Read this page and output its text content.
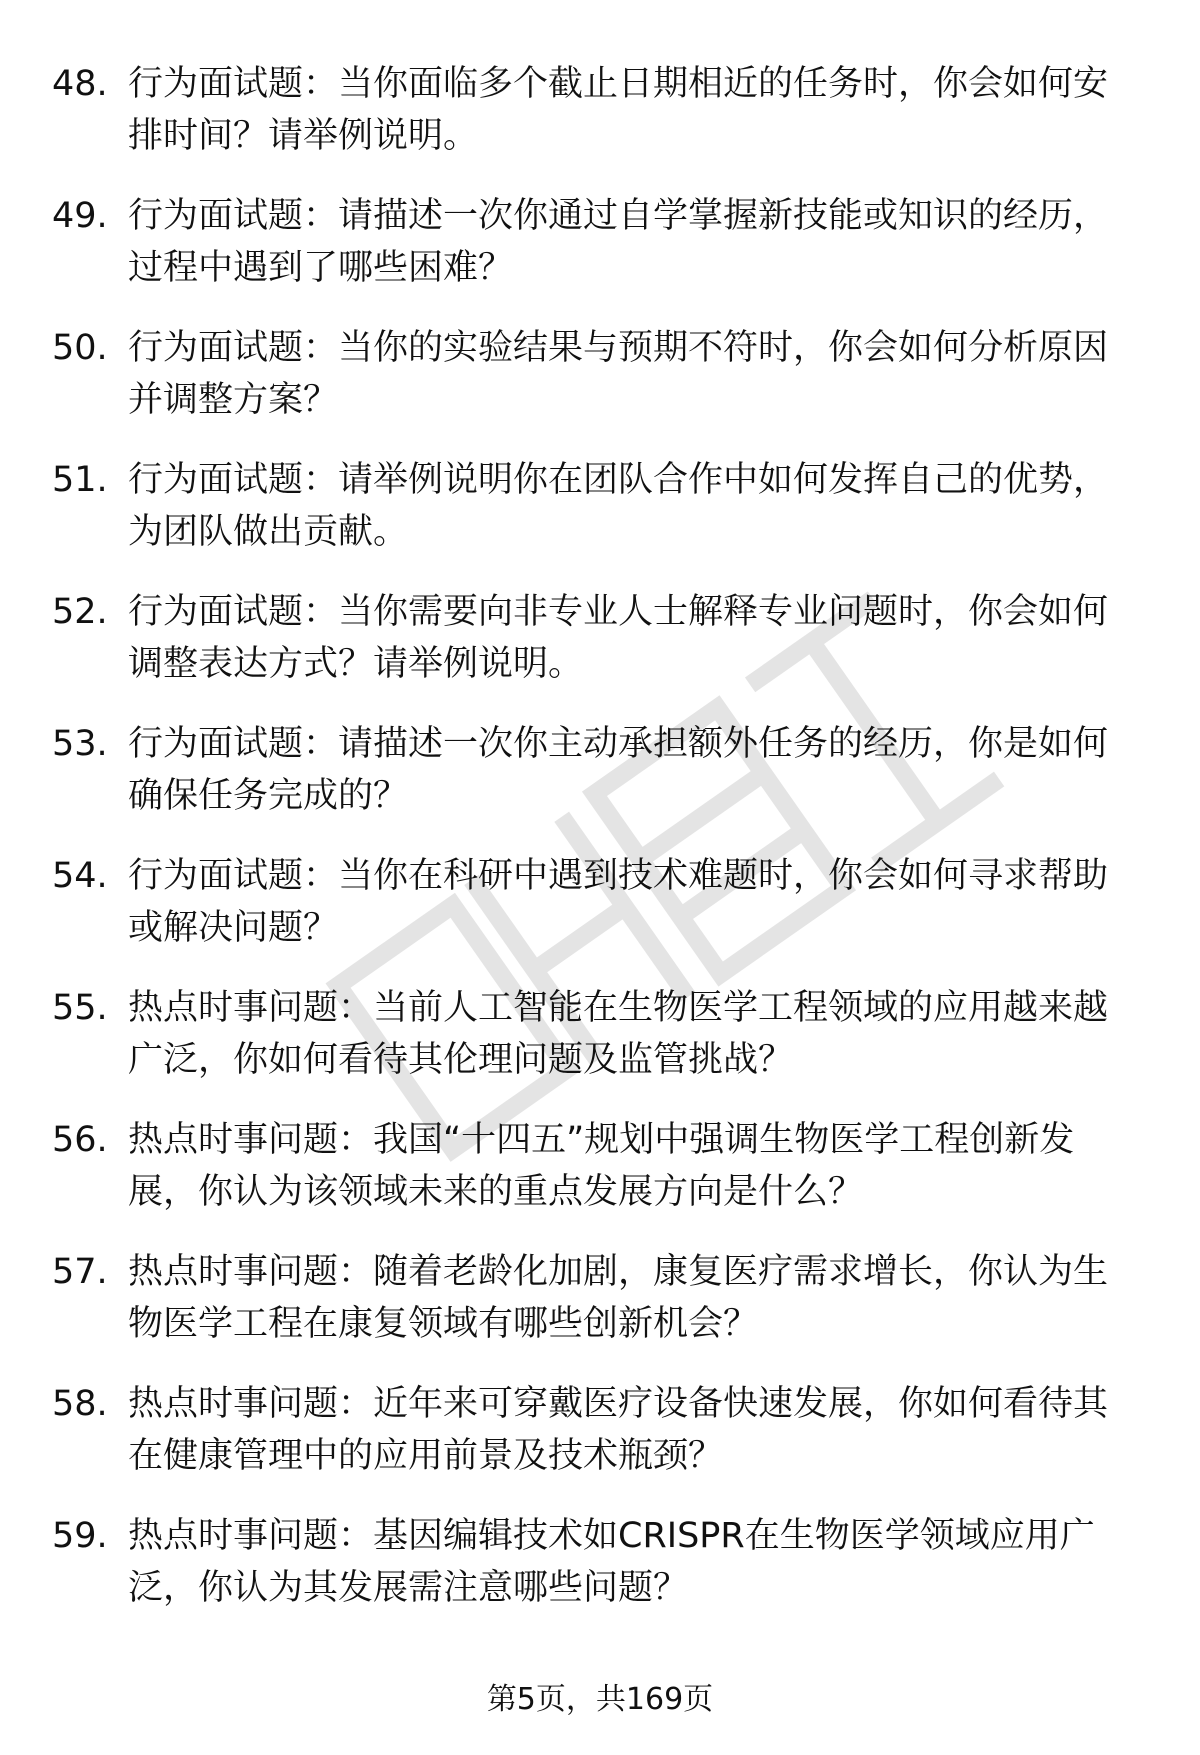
48. 行为面试题：当你面临多个截止日期相近的任务时，你会如何安排时间？请举例说明。
49. 行为面试题：请描述一次你通过自学掌握新技能或知识的经历，过程中遇到了哪些困难？
50. 行为面试题：当你的实验结果与预期不符时，你会如何分析原因并调整方案？
51. 行为面试题：请举例说明你在团队合作中如何发挥自己的优势，为团队做出贡献。
52. 行为面试题：当你需要向非专业人士解释专业问题时，你会如何调整表达方式？请举例说明。
53. 行为面试题：请描述一次你主动承担额外任务的经历，你是如何确保任务完成的？
54. 行为面试题：当你在科研中遇到技术难题时，你会如何寻求帮助或解决问题？
55. 热点时事问题：当前人工智能在生物医学工程领域的应用越来越广泛，你如何看待其伦理问题及监管挑战？
56. 热点时事问题：我国“十四五”规划中强调生物医学工程创新发展，你认为该领域未来的重点发展方向是什么？
57. 热点时事问题：随着老龄化加剧，康复医疗需求增长，你认为生物医学工程在康复领域有哪些创新机会？
58. 热点时事问题：近年来可穿戴医疗设备快速发展，你如何看待其在健康管理中的应用前景及技术瓶颈？
59. 热点时事问题：基因编辑技术如CRISPR在生物医学领域应用广泛，你认为其发展需注意哪些问题？
第5页，共169页
